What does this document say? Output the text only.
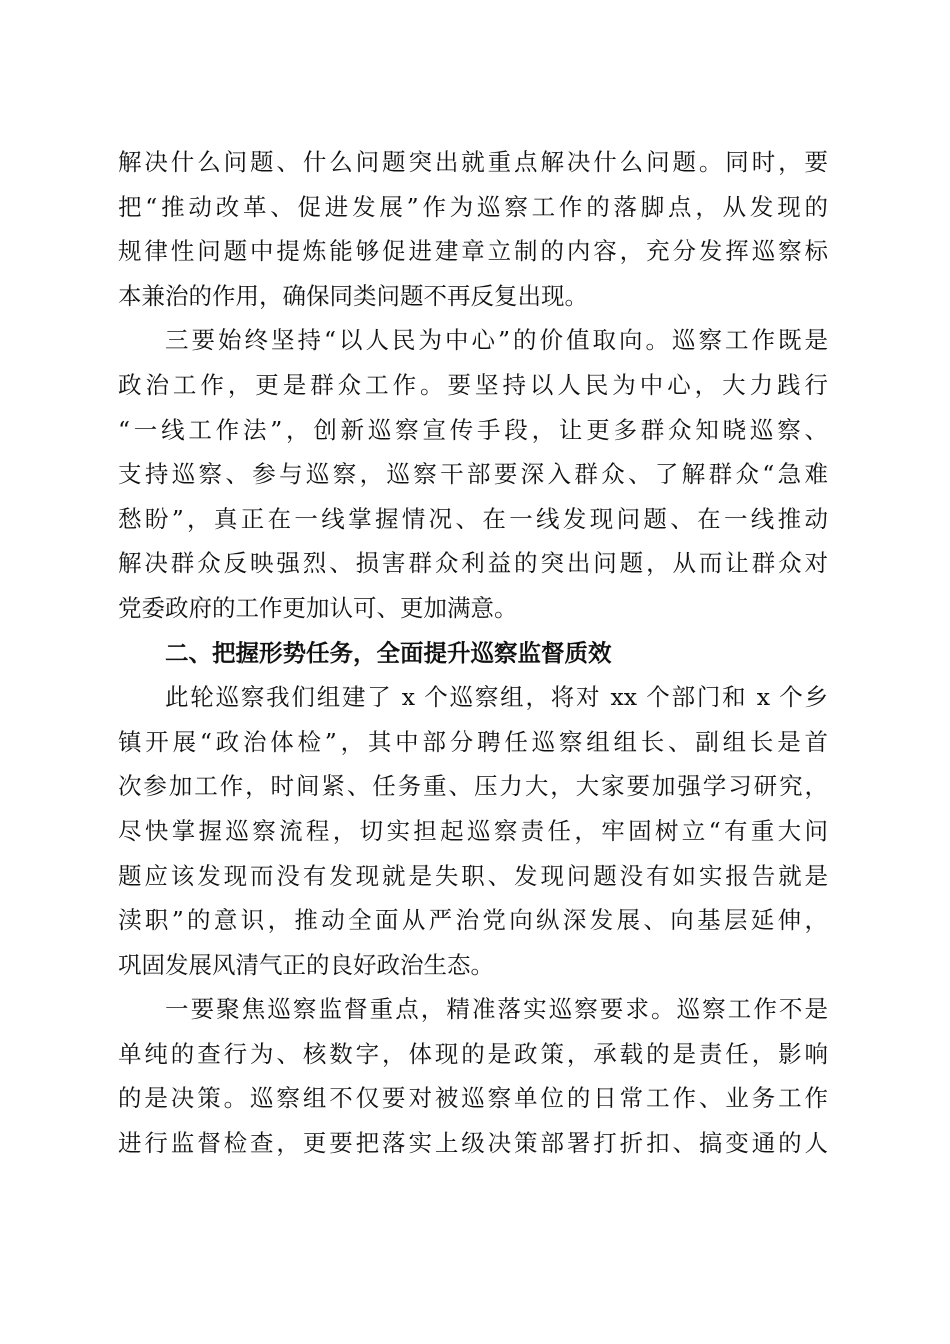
解决什么问题、什么问题突出就重点解决什么问题。同时，要
把“推动改革、促进发展”作为巡察工作的落脚点，从发现的
规律性问题中提炼能够促进建章立制的内容，充分发挥巡察标
本兼治的作用，确保同类问题不再反复出现。
三要始终坚持“以人民为中心”的价值取向。巡察工作既是
政治工作，更是群众工作。要坚持以人民为中心，大力践行
“一线工作法”，创新巡察宣传手段，让更多群众知晓巡察、
支持巡察、参与巡察，巡察干部要深入群众、了解群众“急难
愁盼”，真正在一线掌握情况、在一线发现问题、在一线推动
解决群众反映强烈、损害群众利益的突出问题，从而让群众对
党委政府的工作更加认可、更加满意。
二、把握形势任务，全面提升巡察监督质效
此轮巡察我们组建了 x 个巡察组，将对 xx 个部门和 x 个乡
镇开展“政治体检”，其中部分聘任巡察组组长、副组长是首
次参加工作，时间紧、任务重、压力大，大家要加强学习研究，
尽快掌握巡察流程，切实担起巡察责任，牢固树立“有重大问
题应该发现而没有发现就是失职、发现问题没有如实报告就是
渎职”的意识，推动全面从严治党向纵深发展、向基层延伸，
巩固发展风清气正的良好政治生态。
一要聚焦巡察监督重点，精准落实巡察要求。巡察工作不是
单纯的查行为、核数字，体现的是政策，承载的是责任，影响
的是决策。巡察组不仅要对被巡察单位的日常工作、业务工作
进行监督检查，更要把落实上级决策部署打折扣、搞变通的人
